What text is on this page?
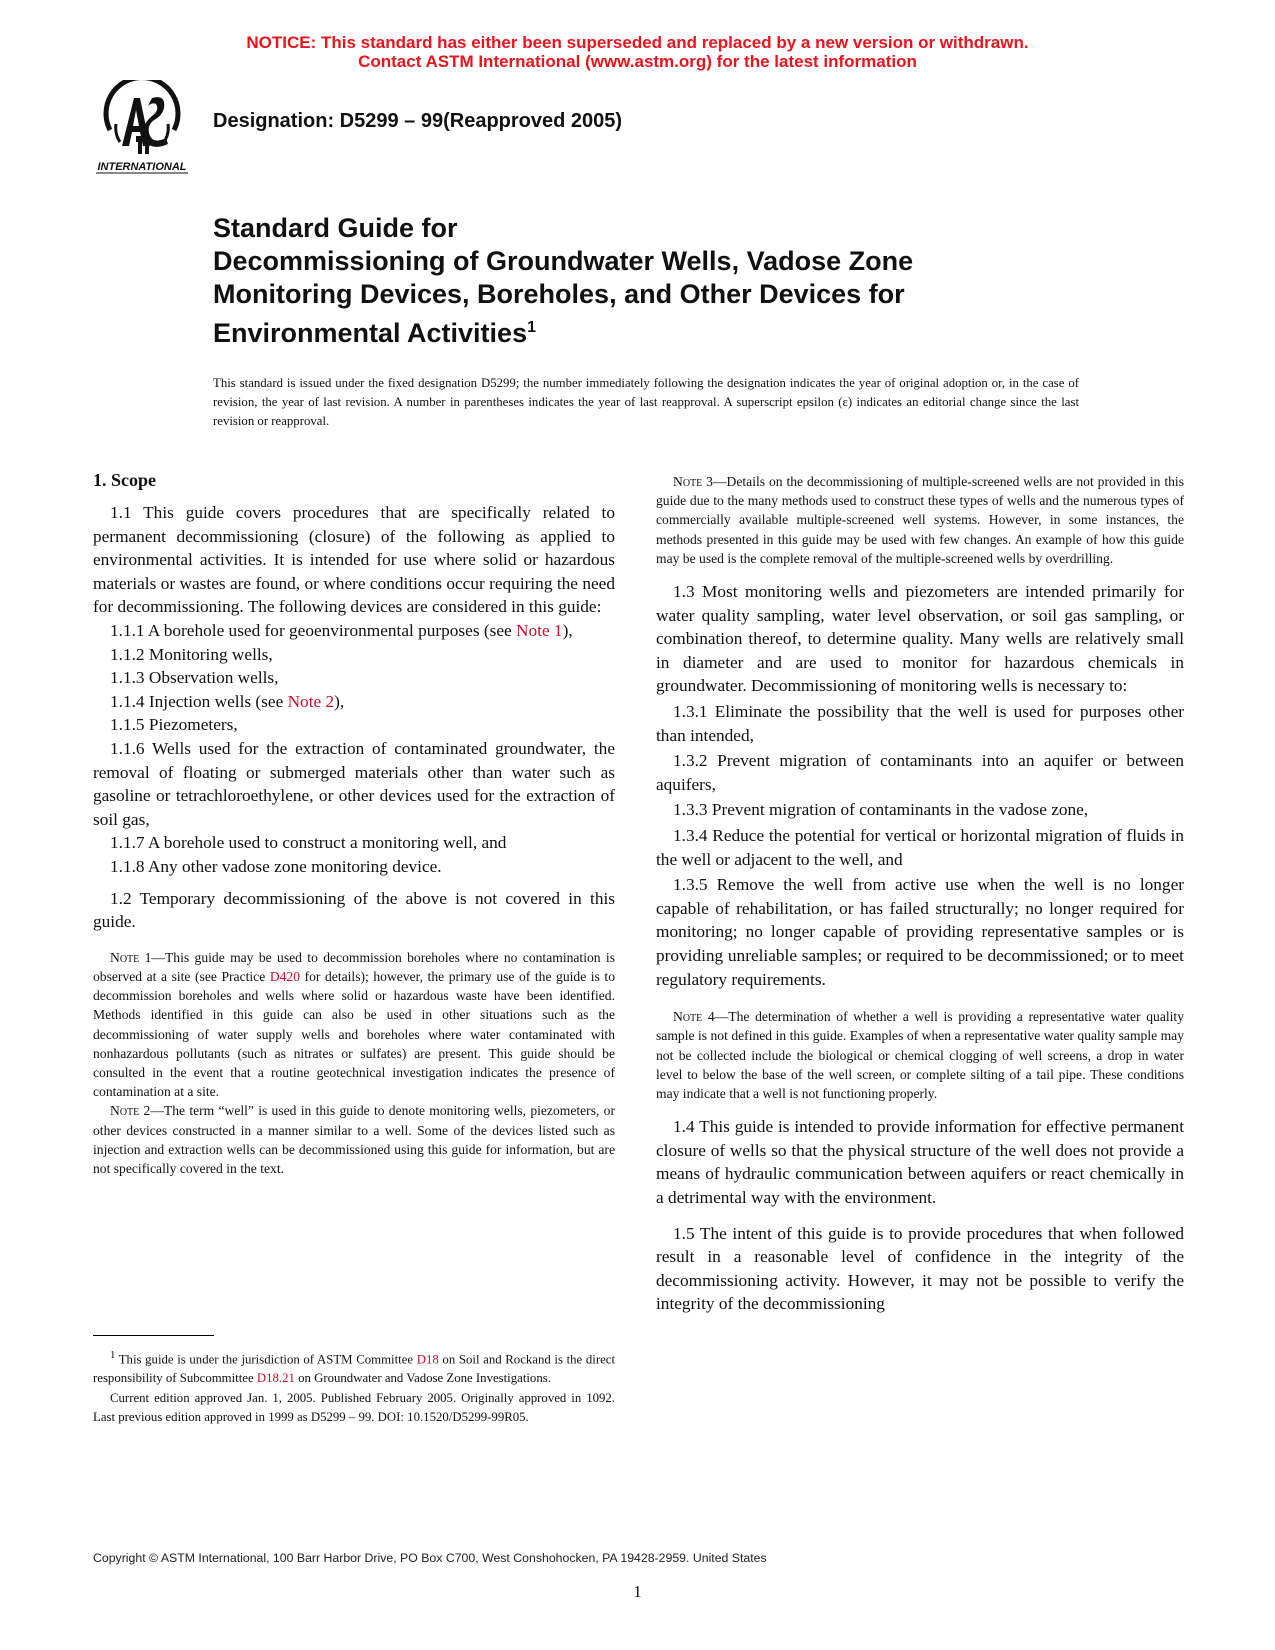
NOTICE: This standard has either been superseded and replaced by a new version or withdrawn.
Contact ASTM International (www.astm.org) for the latest information
INTERNATIONAL
Designation: D5299 – 99(Reapproved 2005)
Standard Guide for
Decommissioning of Groundwater Wells, Vadose Zone
Monitoring Devices, Boreholes, and Other Devices for
Environmental Activities$^1$
This standard is issued under the fixed designation D5299; the number immediately following the designation indicates the year of original adoption or, in the case of revision, the year of last revision. A number in parentheses indicates the year of last reapproval. A superscript epsilon (ε) indicates an editorial change since the last revision or reapproval.
1. Scope

1.1 This guide covers procedures that are specifically related to permanent decommissioning (closure) of the following as applied to environmental activities. It is intended for use where solid or hazardous materials or wastes are found, or where conditions occur requiring the need for decommissioning. The following devices are considered in this guide:

1.1.1 A borehole used for geoenvironmental purposes (see Note 1),

1.1.2 Monitoring wells,

1.1.3 Observation wells,

1.1.4 Injection wells (see Note 2),

1.1.5 Piezometers,

1.1.6 Wells used for the extraction of contaminated groundwater, the removal of floating or submerged materials other than water such as gasoline or tetrachloroethylene, or other devices used for the extraction of soil gas,

1.1.7 A borehole used to construct a monitoring well, and

1.1.8 Any other vadose zone monitoring device.

1.2 Temporary decommissioning of the above is not covered in this guide.

Note 1—This guide may be used to decommission boreholes where no contamination is observed at a site (see Practice D420 for details); however, the primary use of the guide is to decommission boreholes and wells where solid or hazardous waste have been identified. Methods identified in this guide can also be used in other situations such as the decommissioning of water supply wells and boreholes where water contaminated with nonhazardous pollutants (such as nitrates or sulfates) are present. This guide should be consulted in the event that a routine geotechnical investigation indicates the presence of contamination at a site.

Note 2—The term “well” is used in this guide to denote monitoring wells, piezometers, or other devices constructed in a manner similar to a well. Some of the devices listed such as injection and extraction wells can be decommissioned using this guide for information, but are not specifically covered in the text.

$^1$ This guide is under the jurisdiction of ASTM Committee D18 on Soil and Rockand is the direct responsibility of Subcommittee D18.21 on Groundwater and Vadose Zone Investigations.

Current edition approved Jan. 1, 2005. Published February 2005. Originally approved in 1092. Last previous edition approved in 1999 as D5299 – 99. DOI: 10.1520/D5299-99R05.

Note 3—Details on the decommissioning of multiple-screened wells are not provided in this guide due to the many methods used to construct these types of wells and the numerous types of commercially available multiple-screened well systems. However, in some instances, the methods presented in this guide may be used with few changes. An example of how this guide may be used is the complete removal of the multiple-screened wells by overdrilling.

1.3 Most monitoring wells and piezometers are intended primarily for water quality sampling, water level observation, or soil gas sampling, or combination thereof, to determine quality. Many wells are relatively small in diameter and are used to monitor for hazardous chemicals in groundwater. Decommissioning of monitoring wells is necessary to:

1.3.1 Eliminate the possibility that the well is used for purposes other than intended,

1.3.2 Prevent migration of contaminants into an aquifer or between aquifers,

1.3.3 Prevent migration of contaminants in the vadose zone,

1.3.4 Reduce the potential for vertical or horizontal migration of fluids in the well or adjacent to the well, and

1.3.5 Remove the well from active use when the well is no longer capable of rehabilitation, or has failed structurally; no longer required for monitoring; no longer capable of providing representative samples or is providing unreliable samples; or required to be decommissioned; or to meet regulatory requirements.

Note 4—The determination of whether a well is providing a representative water quality sample is not defined in this guide. Examples of when a representative water quality sample may not be collected include the biological or chemical clogging of well screens, a drop in water level to below the base of the well screen, or complete silting of a tail pipe. These conditions may indicate that a well is not functioning properly.

1.4 This guide is intended to provide information for effective permanent closure of wells so that the physical structure of the well does not provide a means of hydraulic communication between aquifers or react chemically in a detrimental way with the environment.

1.5 The intent of this guide is to provide procedures that when followed result in a reasonable level of confidence in the integrity of the decommissioning activity. However, it may not be possible to verify the integrity of the decommissioning

Copyright © ASTM International, 100 Barr Harbor Drive, PO Box C700, West Conshohocken, PA 19428-2959. United States
1
